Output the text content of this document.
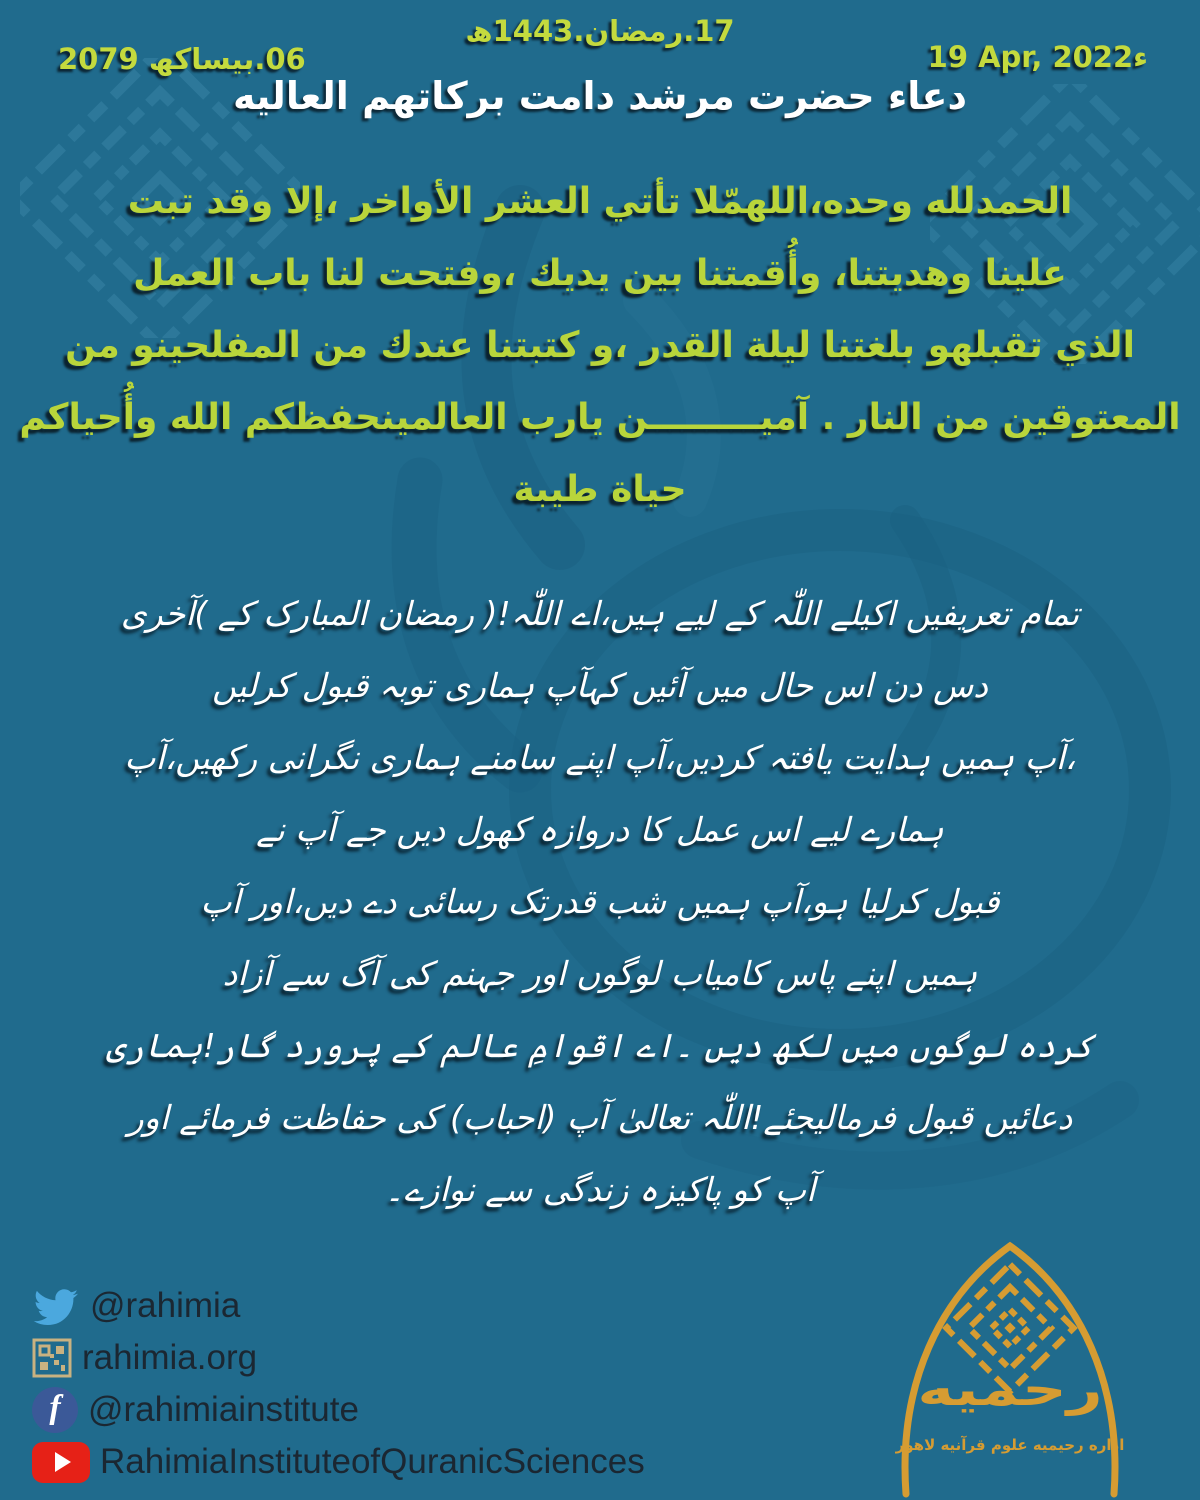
17.رمضان.1443ھ
06.بیساکھ 2079	19 Apr, 2022ء
دعاء حضرت مرشد دامت برکاتهم العالیه
الحمدلله وحده،اللهمّلا تأتي العشر الأواخر ،إلا وقد تبت
علينا وهديتنا، وأُقمتنا بين يديك ،وفتحت لنا باب العمل
الذي تقبلهو بلغتنا ليلة القدر ،و كتبتنا عندك من المفلحينو من
المعتوقين من النار . آميـــــــــن يارب العالمينحفظكم الله وأُحياكم
حياة طيبة
تمام تعریفیں اکیلے اللّٰہ کے لیے ہیں،اے اللّٰہ!( رمضان المبارک کے )آخری
دس دن اس حال میں آئیں کہآپ ہماری توبہ قبول کرلیں
،آپ ہمیں ہدایت یافتہ کردیں،آپ اپنے سامنے ہماری نگرانی رکھیں،آپ
ہمارے لیے اس عمل کا دروازہ کھول دیں جے آپ نے
قبول کرلیا ہو،آپ ہمیں شب قدرتک رسائی دے دیں،اور آپ
ہمیں اپنے پاس کامیاب لوگوں اور جہنم کی آگ سے آزاد
کردہ لوگوں میں لکھ دیں ۔اے اقوامِ عالم کے پرورد گار!ہماری
دعائیں قبول فرمالیجئے!اللّٰہ تعالیٰ آپ (احباب) کی حفاظت فرمائے اور
آپ کو پاکیزہ زندگی سے نوازے۔
@rahimia
rahimia.org
f @rahimiainstitute
RahimiaInstituteofQuranicSciences
رحمیه
اداره رحیمیه علوم قرآنیه لاهور
